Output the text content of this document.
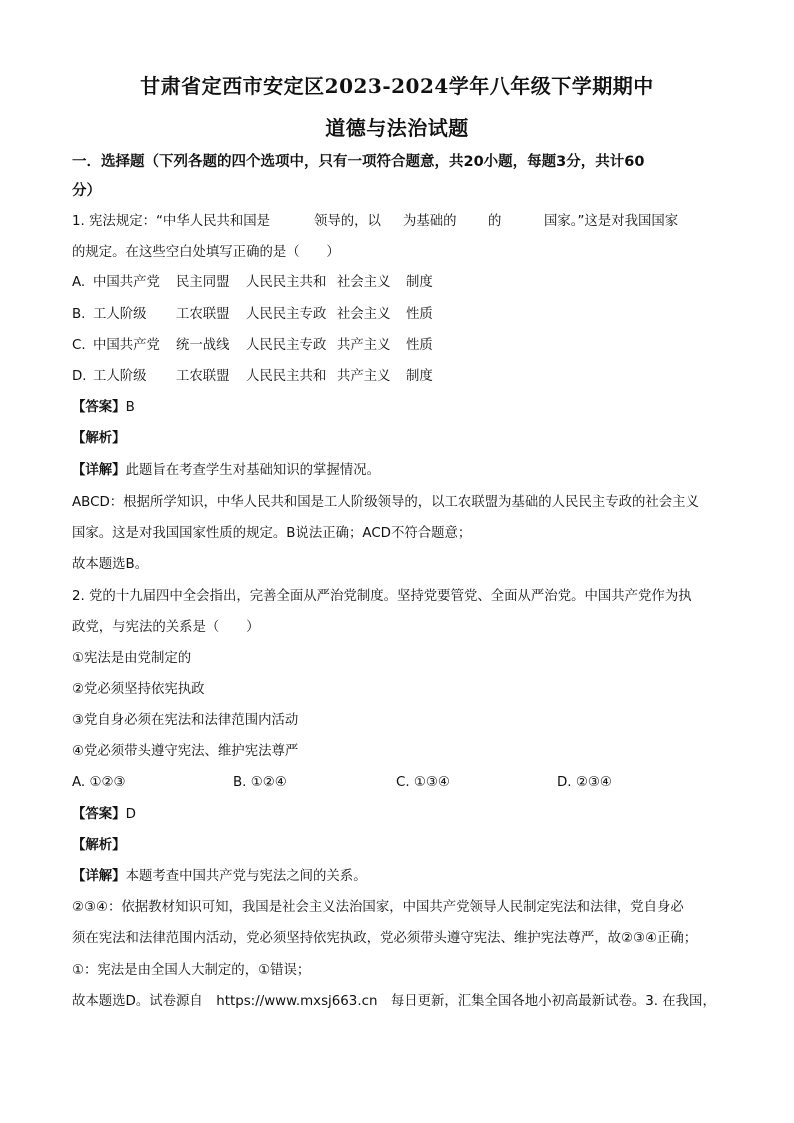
甘肃省定西市安定区2023-2024学年八年级下学期期中
道德与法治试题
一．选择题（下列各题的四个选项中，只有一项符合题意，共20小题，每题3分，共计60
分）
1. 宪法规定：“中华人民共和国是	领导的，以 为基础的 的	国家。”这是对我国国家
的规定。在这些空白处填写正确的是（　　）
A. 中国共产党 民主同盟 人民民主共和 社会主义 制度
B. 工人阶级 工农联盟 人民民主专政 社会主义 性质
C. 中国共产党 统一战线 人民民主专政 共产主义 性质
D. 工人阶级 工农联盟 人民民主共和 共产主义 制度
【答案】B
【解析】
【详解】此题旨在考查学生对基础知识的掌握情况。
ABCD：根据所学知识，中华人民共和国是工人阶级领导的，以工农联盟为基础的人民民主专政的社会主义
国家。这是对我国国家性质的规定。B说法正确；ACD不符合题意；
故本题选B。
2. 党的十九届四中全会指出，完善全面从严治党制度。坚持党要管党、全面从严治党。中国共产党作为执
政党，与宪法的关系是（　　）
①宪法是由党制定的
②党必须坚持依宪执政
③党自身必须在宪法和法律范围内活动
④党必须带头遵守宪法、维护宪法尊严
A. ①②③	B. ①②④	C. ①③④	D. ②③④
【答案】D
【解析】
【详解】本题考查中国共产党与宪法之间的关系。
②③④：依据教材知识可知，我国是社会主义法治国家，中国共产党领导人民制定宪法和法律，党自身必
须在宪法和法律范围内活动，党必须坚持依宪执政，党必须带头遵守宪法、维护宪法尊严，故②③④正确；
①：宪法是由全国人大制定的，①错误；
故本题选D。试卷源自　https://www.mxsj663.cn　每日更新，汇集全国各地小初高最新试卷。3. 在我国，
